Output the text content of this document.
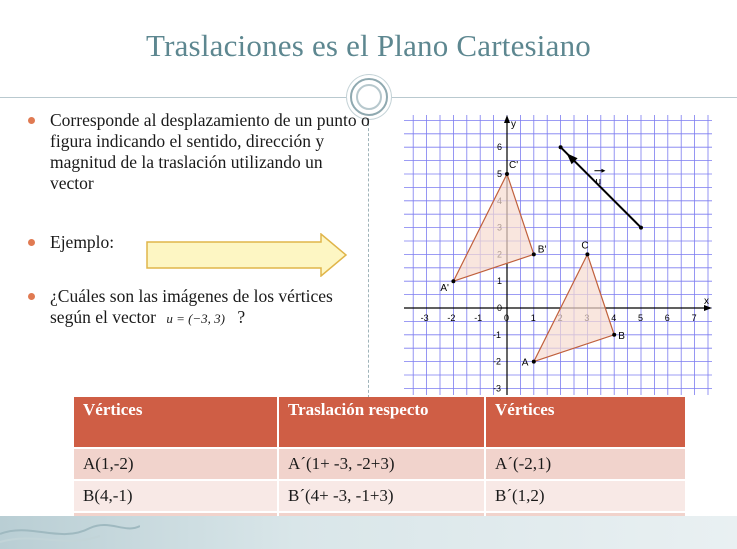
Traslaciones es el Plano Cartesiano
Corresponde al desplazamiento de un punto o figura indicando el sentido, dirección y magnitud de la traslación utilizando un vector
Ejemplo:
¿Cuáles son las imágenes de los vértices según el vector u = (−3, 3) ?
x
y
-3 -2 -1 0 1	4 5 6 7
-3
-2
-1
0
1
5
6
A
B
C
A'
B'
C'
u
Vértices	Traslación respecto	Vértices
A(1,-2)	A´(1+ -3, -2+3)	A´(-2,1)
B(4,-1)	B´(4+ -3, -1+3)	B´(1,2)
